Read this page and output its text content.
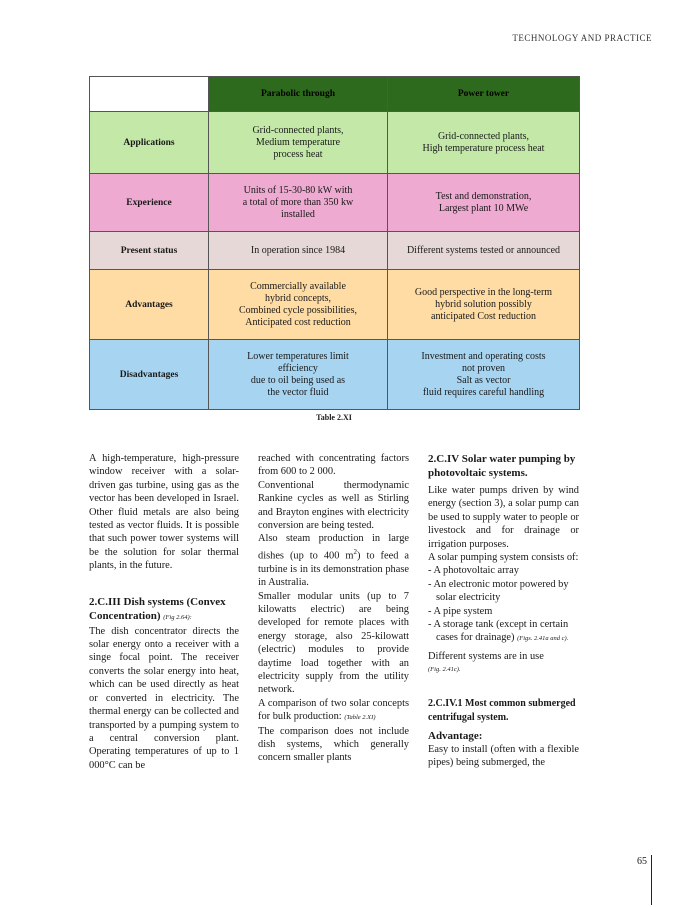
TECHNOLOGY AND PRACTICE
	Parabolic through	Power tower
Applications	Grid-connected plants,
Medium temperature
process heat	Grid-connected plants,
High temperature process heat
Experience	Units of 15-30-80 kW with
a total of more than 350 kw
installed	Test and demonstration,
Largest plant 10 MWe
Present status	In operation since 1984	Different systems tested or announced
Advantages	Commercially available
hybrid concepts,
Combined cycle possibilities,
Anticipated cost reduction	Good perspective in the long-term
hybrid solution possibly
anticipated Cost reduction
Disadvantages	Lower temperatures limit
efficiency
due to oil being used as
the vector fluid	Investment and operating costs
not proven
Salt as vector
fluid requires careful handling
Table 2.XI

A high-temperature, high-pressure window receiver with a solar-driven gas turbine, using gas as the vector has been developed in Israel. Other fluid metals are also being tested as vector fluids. It is possible that such power tower systems will be the solution for solar thermal plants, in the future.

2.C.III Dish systems (Convex
Concentration) (Fig 2.64):

The dish concentrator directs the solar energy onto a receiver with a singe focal point. The receiver converts the solar energy into heat, which can be used directly as heat or converted in electricity. The thermal energy can be collected and transported by a pumping system to a central conversion plant. Operating temperatures of up to 1 000°C can be

reached with concentrating factors from 600 to 2 000.

Conventional thermodynamic Rankine cycles as well as Stirling and Brayton engines with electricity conversion are being tested.

Also steam production in large dishes (up to 400 $m^2$) to feed a turbine is in its demonstration phase in Australia.

Smaller modular units (up to 7 kilowatts electric) are being developed for remote places with energy storage, also 25-kilowatt (electric) modules to provide daytime load together with an electricity supply from the utility network.

A comparison of two solar concepts for bulk production: (Table 2.XI)

The comparison does not include dish systems, which generally concern smaller plants

2.C.IV Solar water pumping by photovoltaic systems.

Like water pumps driven by wind energy (section 3), a solar pump can be used to supply water to people or livestock and for drainage or irrigation purposes.

A solar pumping system consists of:

- A photovoltaic array
- An electronic motor powered by solar electricity
- A pipe system
- A storage tank (except in certain cases for drainage) (Figs. 2.41a and c).

Different systems are in use

(Fig. 2.41c).

2.C.IV.1 Most common submerged centrifugal system.

Advantage:

Easy to install (often with a flexible pipes) being submerged, the

65
